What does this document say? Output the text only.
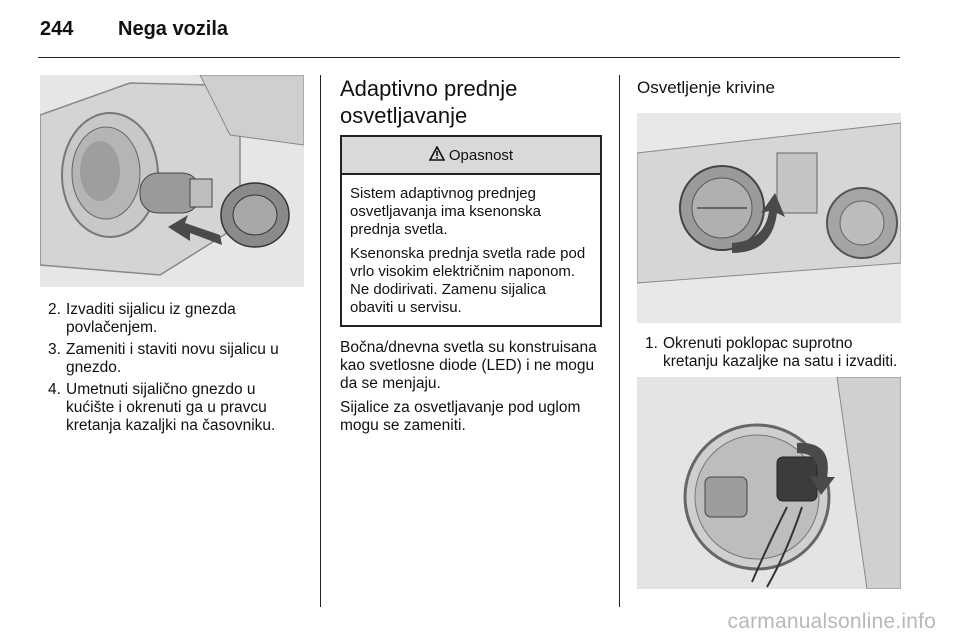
244 Nega vozila
2. Izvaditi sijalicu iz gnezda povlačenjem.
3. Zameniti i staviti novu sijalicu u gnezdo.
4. Umetnuti sijalično gnezdo u kućište i okrenuti ga u pravcu kretanja kazaljki na časovniku.
Adaptivno prednje
osvetljavanje
Opasnost

Sistem adaptivnog prednjeg osvetljavanja ima ksenonska prednja svetla.

Ksenonska prednja svetla rade pod vrlo visokim električnim naponom. Ne dodirivati. Zamenu sijalica obaviti u servisu.

Bočna/dnevna svetla su konstruisana kao svetlosne diode (LED) i ne mogu da se menjaju.

Sijalice za osvetljavanje pod uglom mogu se zameniti.

Osvetljenje krivine
1. Okrenuti poklopac suprotno kretanju kazaljke na satu i izvaditi.
carmanualsonline.info
